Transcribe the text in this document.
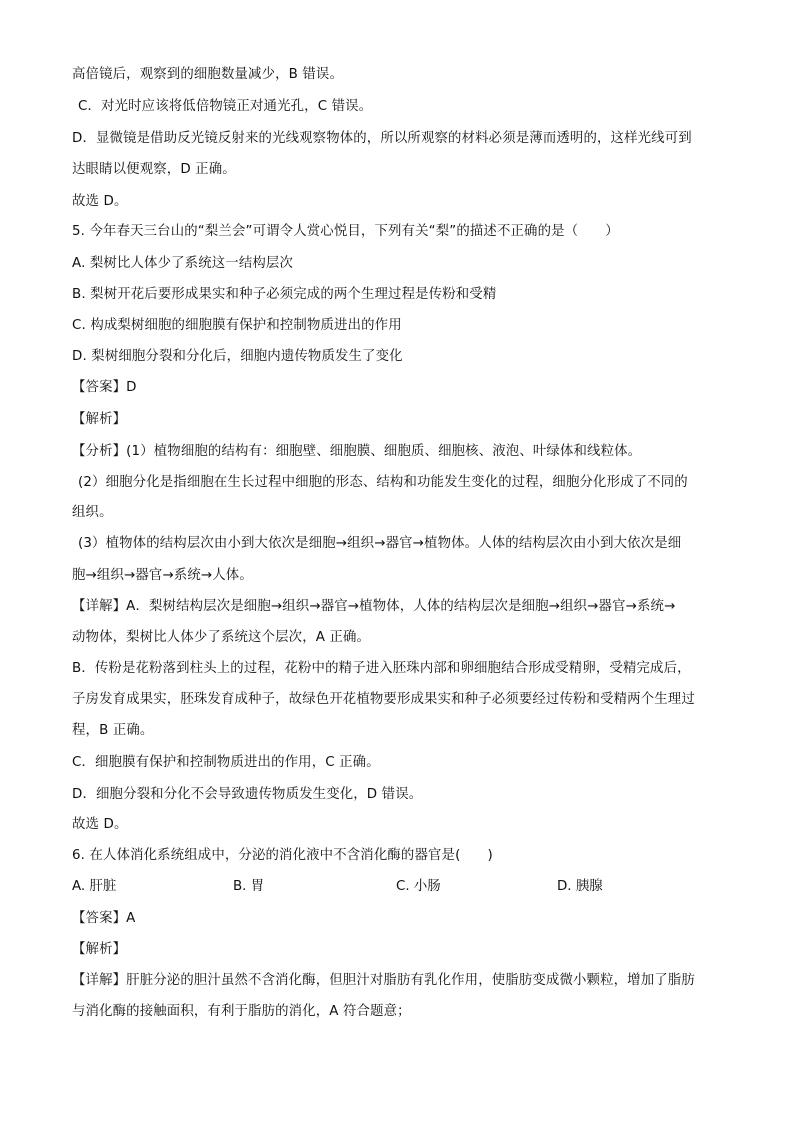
高倍镜后，观察到的细胞数量减少，B 错误。
C．对光时应该将低倍物镜正对通光孔，C 错误。
D．显微镜是借助反光镜反射来的光线观察物体的，所以所观察的材料必须是薄而透明的，这样光线可到
达眼睛以便观察，D 正确。
故选 D。
5. 今年春天三台山的“梨兰会”可谓令人赏心悦目，下列有关“梨”的描述不正确的是（　　）
A. 梨树比人体少了系统这一结构层次
B. 梨树开花后要形成果实和种子必须完成的两个生理过程是传粉和受精
C. 构成梨树细胞的细胞膜有保护和控制物质进出的作用
D. 梨树细胞分裂和分化后，细胞内遗传物质发生了变化
【答案】D
【解析】
【分析】(1）植物细胞的结构有：细胞壁、细胞膜、细胞质、细胞核、液泡、叶绿体和线粒体。
(2）细胞分化是指细胞在生长过程中细胞的形态、结构和功能发生变化的过程，细胞分化形成了不同的
组织。
(3）植物体的结构层次由小到大依次是细胞→组织→器官→植物体。人体的结构层次由小到大依次是细
胞→组织→器官→系统→人体。
【详解】A．梨树结构层次是细胞→组织→器官→植物体，人体的结构层次是细胞→组织→器官→系统→
动物体，梨树比人体少了系统这个层次，A 正确。
B．传粉是花粉落到柱头上的过程，花粉中的精子进入胚珠内部和卵细胞结合形成受精卵，受精完成后，
子房发育成果实，胚珠发育成种子，故绿色开花植物要形成果实和种子必须要经过传粉和受精两个生理过
程，B 正确。
C．细胞膜有保护和控制物质进出的作用，C 正确。
D．细胞分裂和分化不会导致遗传物质发生变化，D 错误。
故选 D。
6. 在人体消化系统组成中，分泌的消化液中不含消化酶的器官是(　　)
A. 肝脏	B. 胃	C. 小肠	D. 胰腺
【答案】A
【解析】
【详解】肝脏分泌的胆汁虽然不含消化酶，但胆汁对脂肪有乳化作用，使脂肪变成微小颗粒，增加了脂肪
与消化酶的接触面积，有利于脂肪的消化，A 符合题意；
